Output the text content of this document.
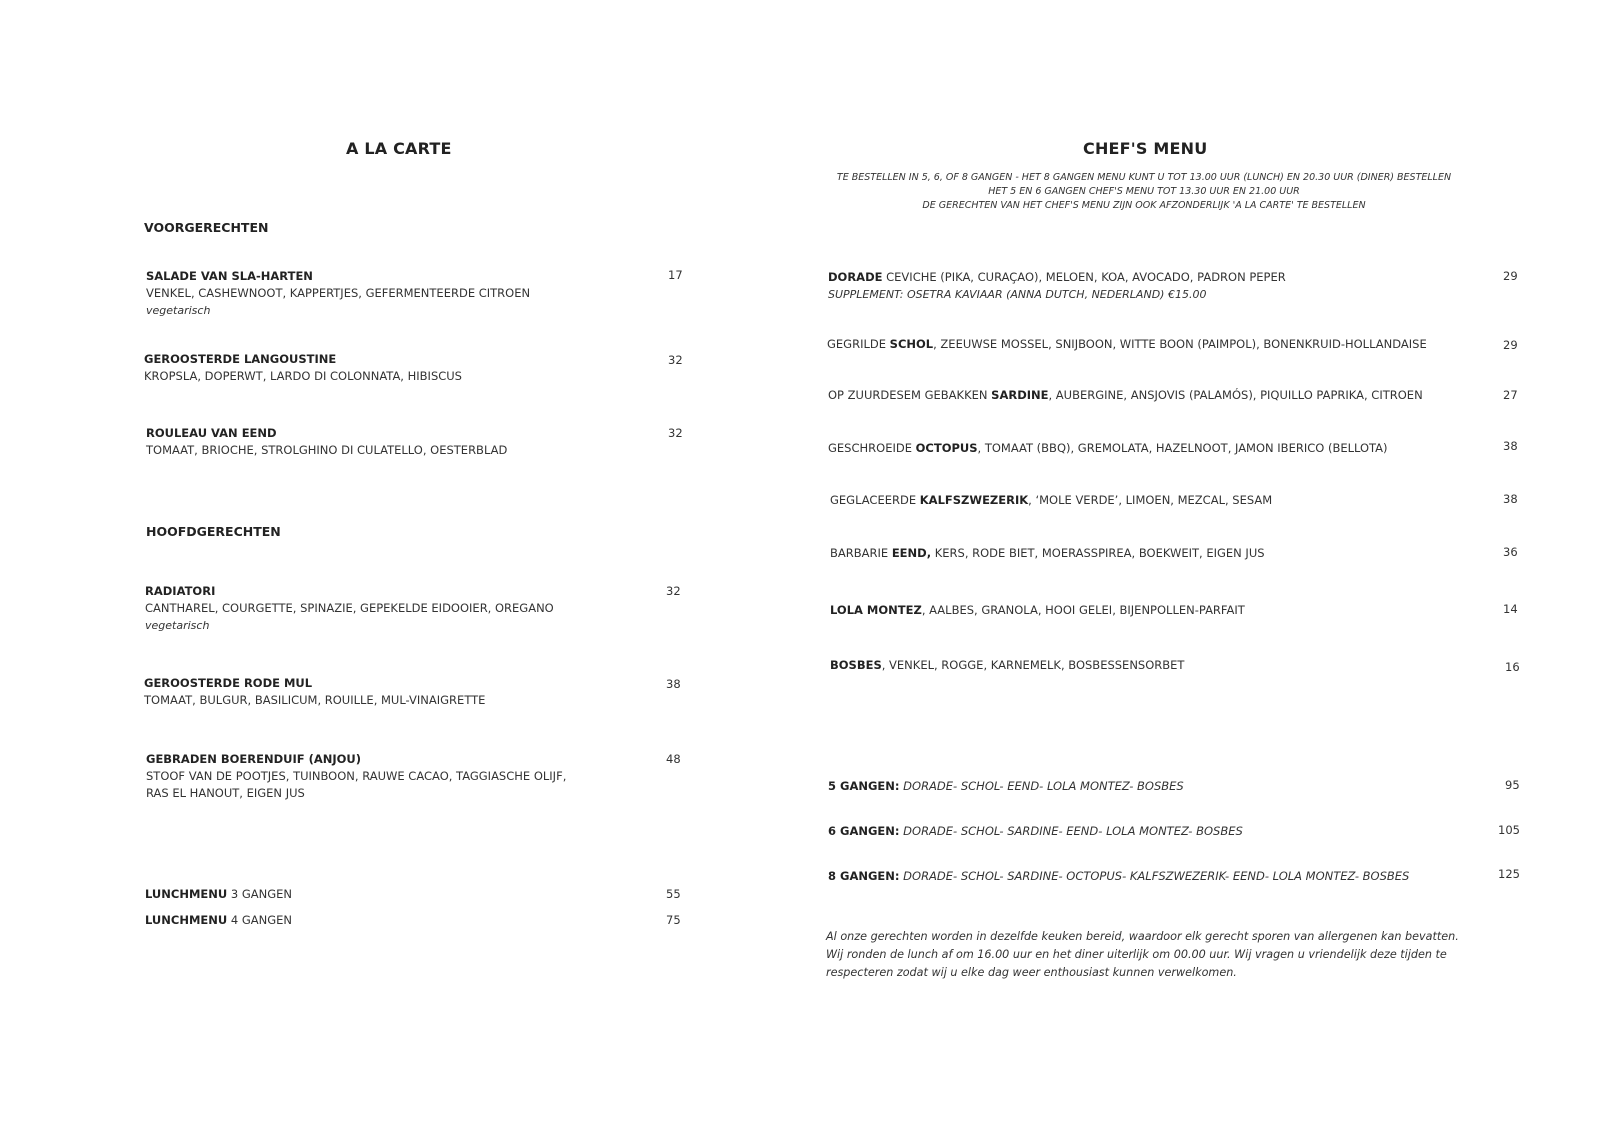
A LA CARTE
VOORGERECHTEN
SALADE VAN SLA-HARTEN
VENKEL, CASHEWNOOT, KAPPERTJES, GEFERMENTEERDE CITROEN
vegetarisch
17
GEROOSTERDE LANGOUSTINE
KROPSLA, DOPERWT, LARDO DI COLONNATA, HIBISCUS
32
ROULEAU VAN EEND
TOMAAT, BRIOCHE, STROLGHINO DI CULATELLO, OESTERBLAD
32
HOOFDGERECHTEN
RADIATORI
CANTHAREL, COURGETTE, SPINAZIE, GEPEKELDE EIDOOIER, OREGANO
vegetarisch
32
GEROOSTERDE RODE MUL
TOMAAT, BULGUR, BASILICUM, ROUILLE, MUL-VINAIGRETTE
38
GEBRADEN BOERENDUIF (ANJOU)
STOOF VAN DE POOTJES, TUINBOON, RAUWE CACAO, TAGGIASCHE OLIJF,
RAS EL HANOUT, EIGEN JUS
48
LUNCHMENU 3 GANGEN	55
LUNCHMENU 4 GANGEN	75
CHEF'S MENU
TE BESTELLEN IN 5, 6, OF 8 GANGEN - HET 8 GANGEN MENU KUNT U TOT 13.00 UUR (LUNCH) EN 20.30 UUR (DINER) BESTELLEN
HET 5 EN 6 GANGEN CHEF'S MENU TOT 13.30 UUR EN 21.00 UUR
DE GERECHTEN VAN HET CHEF'S MENU ZIJN OOK AFZONDERLIJK 'A LA CARTE' TE BESTELLEN
DORADE CEVICHE (PIKA, CURAÇAO), MELOEN, KOA, AVOCADO, PADRON PEPER
SUPPLEMENT: OSETRA KAVIAAR (ANNA DUTCH, NEDERLAND) €15.00
29
GEGRILDE SCHOL, ZEEUWSE MOSSEL, SNIJBOON, WITTE BOON (PAIMPOL), BONENKRUID-HOLLANDAISE	29
OP ZUURDESEM GEBAKKEN SARDINE, AUBERGINE, ANSJOVIS (PALAMÓS), PIQUILLO PAPRIKA, CITROEN	27
GESCHROEIDE OCTOPUS, TOMAAT (BBQ), GREMOLATA, HAZELNOOT, JAMON IBERICO (BELLOTA)	38
GEGLACEERDE KALFSZWEZERIK, ‘MOLE VERDE’, LIMOEN, MEZCAL, SESAM	38
BARBARIE EEND, KERS, RODE BIET, MOERASSPIREA, BOEKWEIT, EIGEN JUS	36
LOLA MONTEZ, AALBES, GRANOLA, HOOI GELEI, BIJENPOLLEN-PARFAIT	14
BOSBES, VENKEL, ROGGE, KARNEMELK, BOSBESSENSORBET	16
5 GANGEN: DORADE- SCHOL- EEND- LOLA MONTEZ- BOSBES	95
6 GANGEN: DORADE- SCHOL- SARDINE- EEND- LOLA MONTEZ- BOSBES	105
8 GANGEN: DORADE- SCHOL- SARDINE- OCTOPUS- KALFSZWEZERIK- EEND- LOLA MONTEZ- BOSBES	125
Al onze gerechten worden in dezelfde keuken bereid, waardoor elk gerecht sporen van allergenen kan bevatten.
Wij ronden de lunch af om 16.00 uur en het diner uiterlijk om 00.00 uur. Wij vragen u vriendelijk deze tijden te
respecteren zodat wij u elke dag weer enthousiast kunnen verwelkomen.
